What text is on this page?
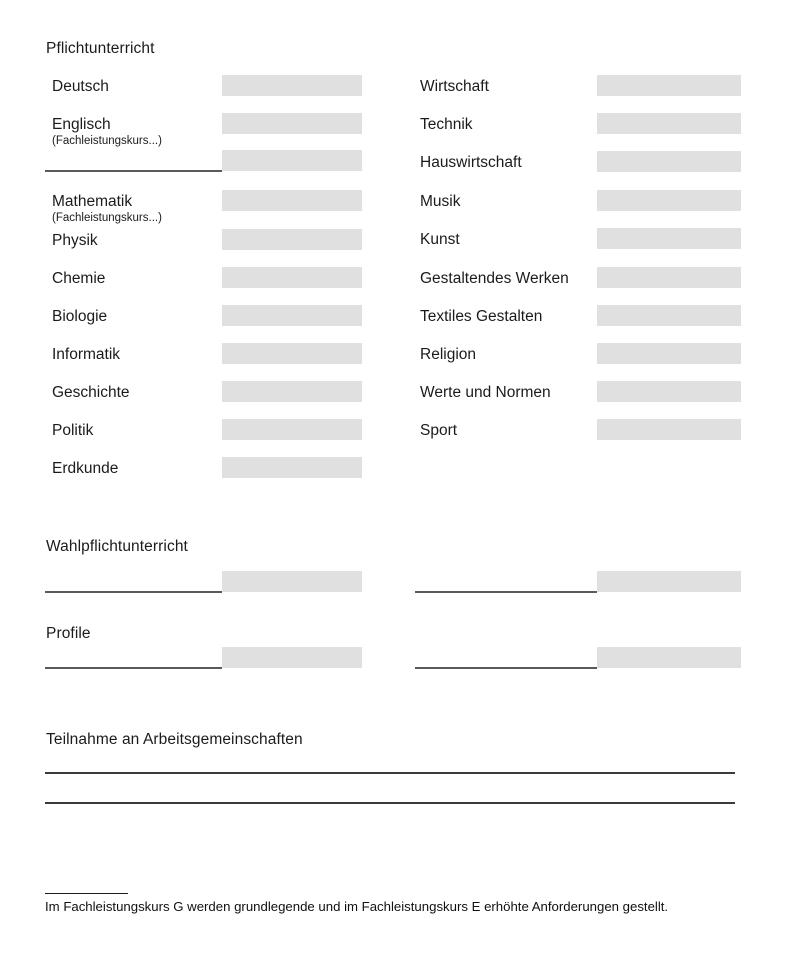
Pflichtunterricht
Deutsch
Englisch
(Fachleistungskurs...)
Mathematik
(Fachleistungskurs...)
Physik
Chemie
Biologie
Informatik
Geschichte
Politik
Erdkunde
Wirtschaft
Technik
Hauswirtschaft
Musik
Kunst
Gestaltendes Werken
Textiles Gestalten
Religion
Werte und Normen
Sport
Wahlpflichtunterricht
Profile
Teilnahme an Arbeitsgemeinschaften
Im Fachleistungskurs G werden grundlegende und im Fachleistungskurs E erhöhte Anforderungen gestellt.
